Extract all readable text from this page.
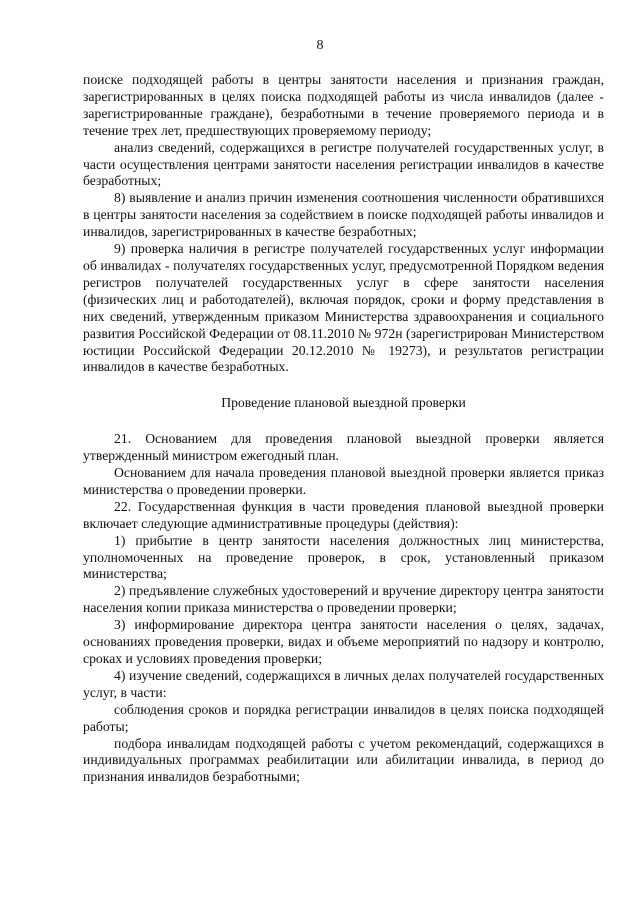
8

поиске подходящей работы в центры занятости населения и признания граждан, зарегистрированных в целях поиска подходящей работы из числа инвалидов (далее - зарегистрированные граждане), безработными в течение проверяемого периода и в течение трех лет, предшествующих проверяемому периоду;

анализ сведений, содержащихся в регистре получателей государственных услуг, в части осуществления центрами занятости населения регистрации инвалидов в качестве безработных;

8) выявление и анализ причин изменения соотношения численности обратившихся в центры занятости населения за содействием в поиске подходящей работы инвалидов и инвалидов, зарегистрированных в качестве безработных;

9) проверка наличия в регистре получателей государственных услуг информации об инвалидах - получателях государственных услуг, предусмотренной Порядком ведения регистров получателей государственных услуг в сфере занятости населения (физических лиц и работодателей), включая порядок, сроки и форму представления в них сведений, утвержденным приказом Министерства здравоохранения и социального развития Российской Федерации от 08.11.2010 № 972н (зарегистрирован Министерством юстиции Российской Федерации 20.12.2010 № 19273), и результатов регистрации инвалидов в качестве безработных.

Проведение плановой выездной проверки

21. Основанием для проведения плановой выездной проверки является утвержденный министром ежегодный план.

Основанием для начала проведения плановой выездной проверки является приказ министерства о проведении проверки.

22. Государственная функция в части проведения плановой выездной проверки включает следующие административные процедуры (действия):

1) прибытие в центр занятости населения должностных лиц министерства, уполномоченных на проведение проверок, в срок, установленный приказом министерства;

2) предъявление служебных удостоверений и вручение директору центра занятости населения копии приказа министерства о проведении проверки;

3) информирование директора центра занятости населения о целях, задачах, основаниях проведения проверки, видах и объеме мероприятий по надзору и контролю, сроках и условиях проведения проверки;

4) изучение сведений, содержащихся в личных делах получателей государственных услуг, в части:

соблюдения сроков и порядка регистрации инвалидов в целях поиска подходящей работы;

подбора инвалидам подходящей работы с учетом рекомендаций, содержащихся в индивидуальных программах реабилитации или абилитации инвалида, в период до признания инвалидов безработными;
